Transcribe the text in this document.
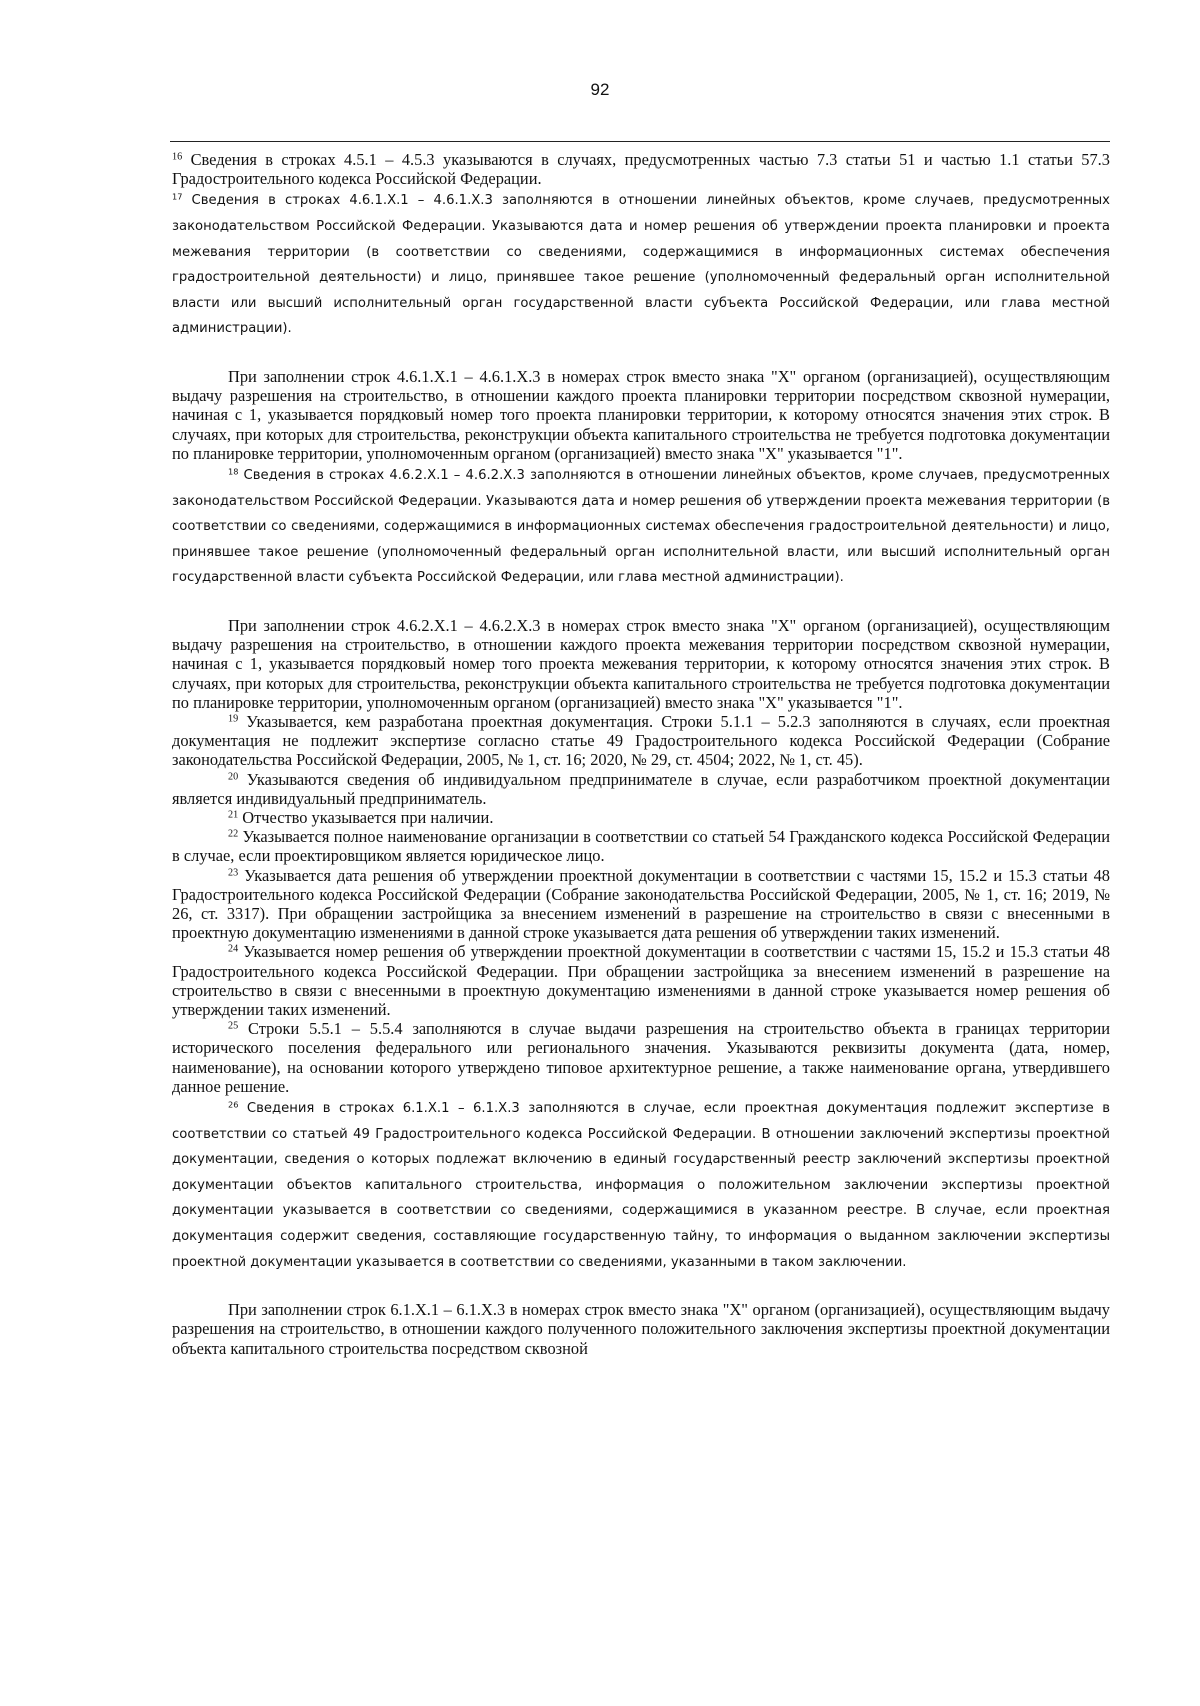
92

$^{16}$ Сведения в строках 4.5.1 – 4.5.3 указываются в случаях, предусмотренных частью 7.3 статьи 51 и частью 1.1 статьи 57.3 Градостроительного кодекса Российской Федерации.

$^{17}$ Сведения в строках 4.6.1.X.1 – 4.6.1.X.3 заполняются в отношении линейных объектов, кроме случаев, предусмотренных законодательством Российской Федерации. Указываются дата и номер решения об утверждении проекта планировки и проекта межевания территории (в соответствии со сведениями, содержащимися в информационных системах обеспечения градостроительной деятельности) и лицо, принявшее такое решение (уполномоченный федеральный орган исполнительной власти или высший исполнительный орган государственной власти субъекта Российской Федерации, или глава местной администрации).

При заполнении строк 4.6.1.X.1 – 4.6.1.X.3 в номерах строк вместо знака "X" органом (организацией), осуществляющим выдачу разрешения на строительство, в отношении каждого проекта планировки территории посредством сквозной нумерации, начиная с 1, указывается порядковый номер того проекта планировки территории, к которому относятся значения этих строк. В случаях, при которых для строительства, реконструкции объекта капитального строительства не требуется подготовка документации по планировке территории, уполномоченным органом (организацией) вместо знака "X" указывается "1".

$^{18}$ Сведения в строках 4.6.2.X.1 – 4.6.2.X.3 заполняются в отношении линейных объектов, кроме случаев, предусмотренных законодательством Российской Федерации. Указываются дата и номер решения об утверждении проекта межевания территории (в соответствии со сведениями, содержащимися в информационных системах обеспечения градостроительной деятельности) и лицо, принявшее такое решение (уполномоченный федеральный орган исполнительной власти, или высший исполнительный орган государственной власти субъекта Российской Федерации, или глава местной администрации).

При заполнении строк 4.6.2.X.1 – 4.6.2.X.3 в номерах строк вместо знака "X" органом (организацией), осуществляющим выдачу разрешения на строительство, в отношении каждого проекта межевания территории посредством сквозной нумерации, начиная с 1, указывается порядковый номер того проекта межевания территории, к которому относятся значения этих строк. В случаях, при которых для строительства, реконструкции объекта капитального строительства не требуется подготовка документации по планировке территории, уполномоченным органом (организацией) вместо знака "X" указывается "1".

$^{19}$ Указывается, кем разработана проектная документация. Строки 5.1.1 – 5.2.3 заполняются в случаях, если проектная документация не подлежит экспертизе согласно статье 49 Градостроительного кодекса Российской Федерации (Собрание законодательства Российской Федерации, 2005, № 1, ст. 16; 2020, № 29, ст. 4504; 2022, № 1, ст. 45).

$^{20}$ Указываются сведения об индивидуальном предпринимателе в случае, если разработчиком проектной документации является индивидуальный предприниматель.

$^{21}$ Отчество указывается при наличии.

$^{22}$ Указывается полное наименование организации в соответствии со статьей 54 Гражданского кодекса Российской Федерации в случае, если проектировщиком является юридическое лицо.

$^{23}$ Указывается дата решения об утверждении проектной документации в соответствии с частями 15, 15.2 и 15.3 статьи 48 Градостроительного кодекса Российской Федерации (Собрание законодательства Российской Федерации, 2005, № 1, ст. 16; 2019, № 26, ст. 3317). При обращении застройщика за внесением изменений в разрешение на строительство в связи с внесенными в проектную документацию изменениями в данной строке указывается дата решения об утверждении таких изменений.

$^{24}$ Указывается номер решения об утверждении проектной документации в соответствии с частями 15, 15.2 и 15.3 статьи 48 Градостроительного кодекса Российской Федерации. При обращении застройщика за внесением изменений в разрешение на строительство в связи с внесенными в проектную документацию изменениями в данной строке указывается номер решения об утверждении таких изменений.

$^{25}$ Строки 5.5.1 – 5.5.4 заполняются в случае выдачи разрешения на строительство объекта в границах территории исторического поселения федерального или регионального значения. Указываются реквизиты документа (дата, номер, наименование), на основании которого утверждено типовое архитектурное решение, а также наименование органа, утвердившего данное решение.

$^{26}$ Сведения в строках 6.1.X.1 – 6.1.X.3 заполняются в случае, если проектная документация подлежит экспертизе в соответствии со статьей 49 Градостроительного кодекса Российской Федерации. В отношении заключений экспертизы проектной документации, сведения о которых подлежат включению в единый государственный реестр заключений экспертизы проектной документации объектов капитального строительства, информация о положительном заключении экспертизы проектной документации указывается в соответствии со сведениями, содержащимися в указанном реестре. В случае, если проектная документация содержит сведения, составляющие государственную тайну, то информация о выданном заключении экспертизы проектной документации указывается в соответствии со сведениями, указанными в таком заключении.

При заполнении строк 6.1.X.1 – 6.1.X.3 в номерах строк вместо знака "X" органом (организацией), осуществляющим выдачу разрешения на строительство, в отношении каждого полученного положительного заключения экспертизы проектной документации объекта капитального строительства посредством сквозной
